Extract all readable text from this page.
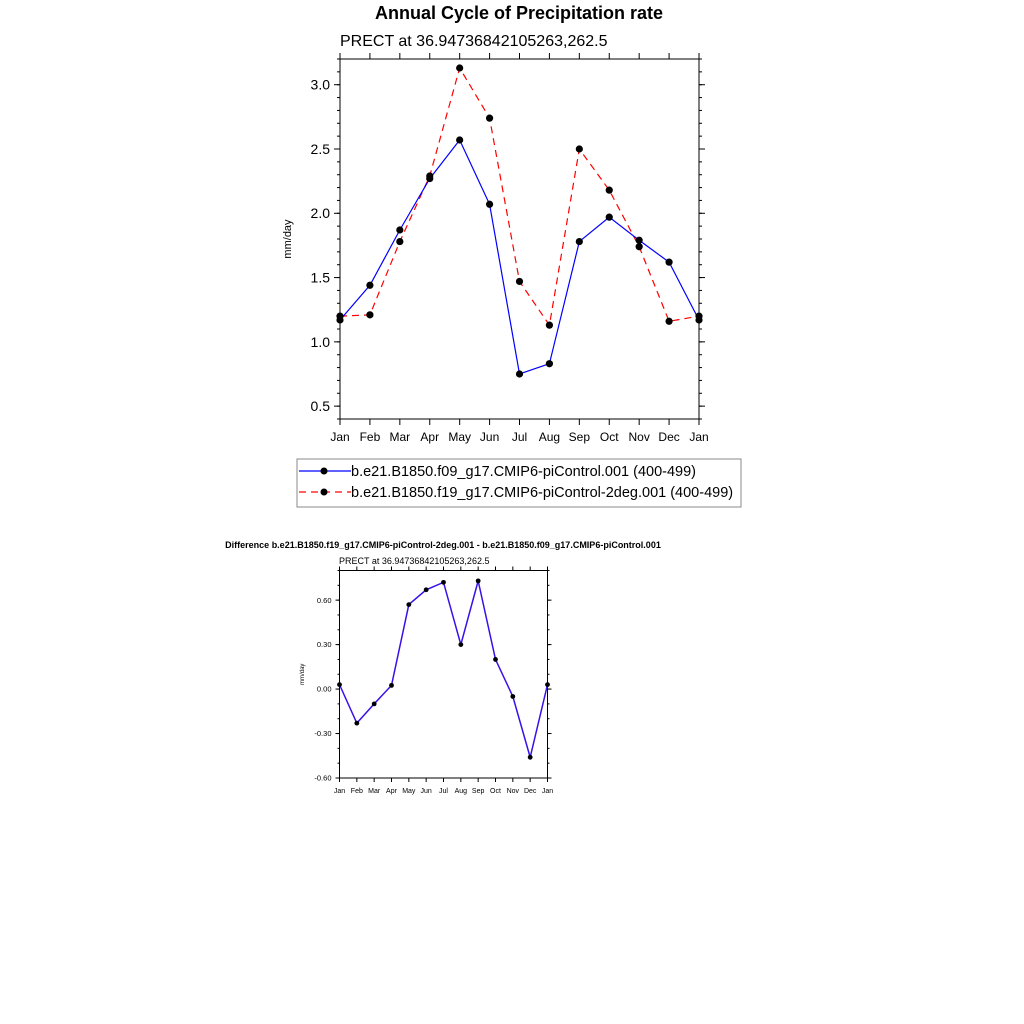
Annual Cycle of Precipitation rate
PRECT at 36.94736842105263,262.5
mm/day
0.5
1.0
1.5
2.0
2.5
3.0
Jan Feb Mar Apr May Jun Jul Aug Sep Oct Nov Dec Jan
b.e21.B1850.f09_g17.CMIP6-piControl.001 (400-499)
b.e21.B1850.f19_g17.CMIP6-piControl-2deg.001 (400-499)
Difference b.e21.B1850.f19_g17.CMIP6-piControl-2deg.001 - b.e21.B1850.f09_g17.CMIP6-piControl.001
PRECT at 36.94736842105263,262.5
mm/day
-0.60
-0.30
0.00
0.30
0.60
Jan Feb Mar Apr May Jun Jul Aug Sep Oct Nov Dec Jan
